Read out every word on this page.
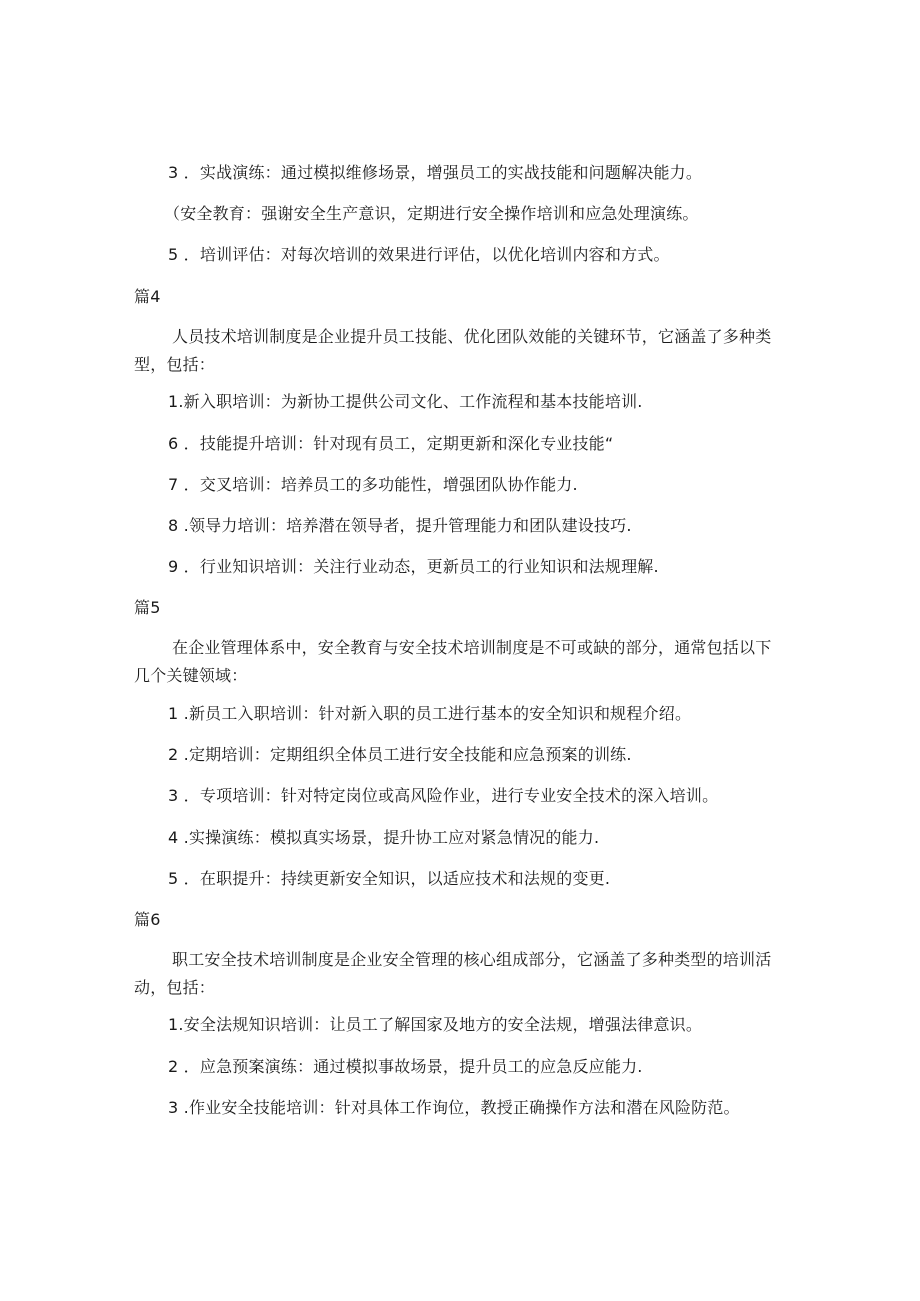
3 ．实战演练：通过模拟维修场景，增强员工的实战技能和问题解决能力。
（安全教育：强谢安全生产意识，定期进行安全操作培训和应急处理演练。
5 ．培训评估：对每次培训的效果进行评估，以优化培训内容和方式。
篇4
人员技术培训制度是企业提升员工技能、优化团队效能的关键环节，它涵盖了多种类型，包括：
1.新入职培训：为新协工提供公司文化、工作流程和基本技能培训.
6 ．技能提升培训：针对现有员工，定期更新和深化专业技能“
7 ．交叉培训：培养员工的多功能性，增强团队协作能力.
8 .领导力培训：培养潜在领导者，提升管理能力和团队建设技巧.
9 ．行业知识培训：关注行业动态，更新员工的行业知识和法规理解.
篇5
在企业管理体系中，安全教育与安全技术培训制度是不可或缺的部分，通常包括以下几个关键领域：
1 .新员工入职培训：针对新入职的员工进行基本的安全知识和规程介绍。
2 .定期培训：定期组织全体员工进行安全技能和应急预案的训练.
3 ．专项培训：针对特定岗位或高风险作业，进行专业安全技术的深入培训。
4 .实操演练：模拟真实场景，提升协工应对紧急情况的能力.
5 ．在职提升：持续更新安全知识，以适应技术和法规的变更.
篇6
职工安全技术培训制度是企业安全管理的核心组成部分，它涵盖了多种类型的培训活动，包括：
1.安全法规知识培训：让员工了解国家及地方的安全法规，增强法律意识。
2 ．应急预案演练：通过模拟事故场景，提升员工的应急反应能力.
3 .作业安全技能培训：针对具体工作询位，教授正确操作方法和潜在风险防范。
